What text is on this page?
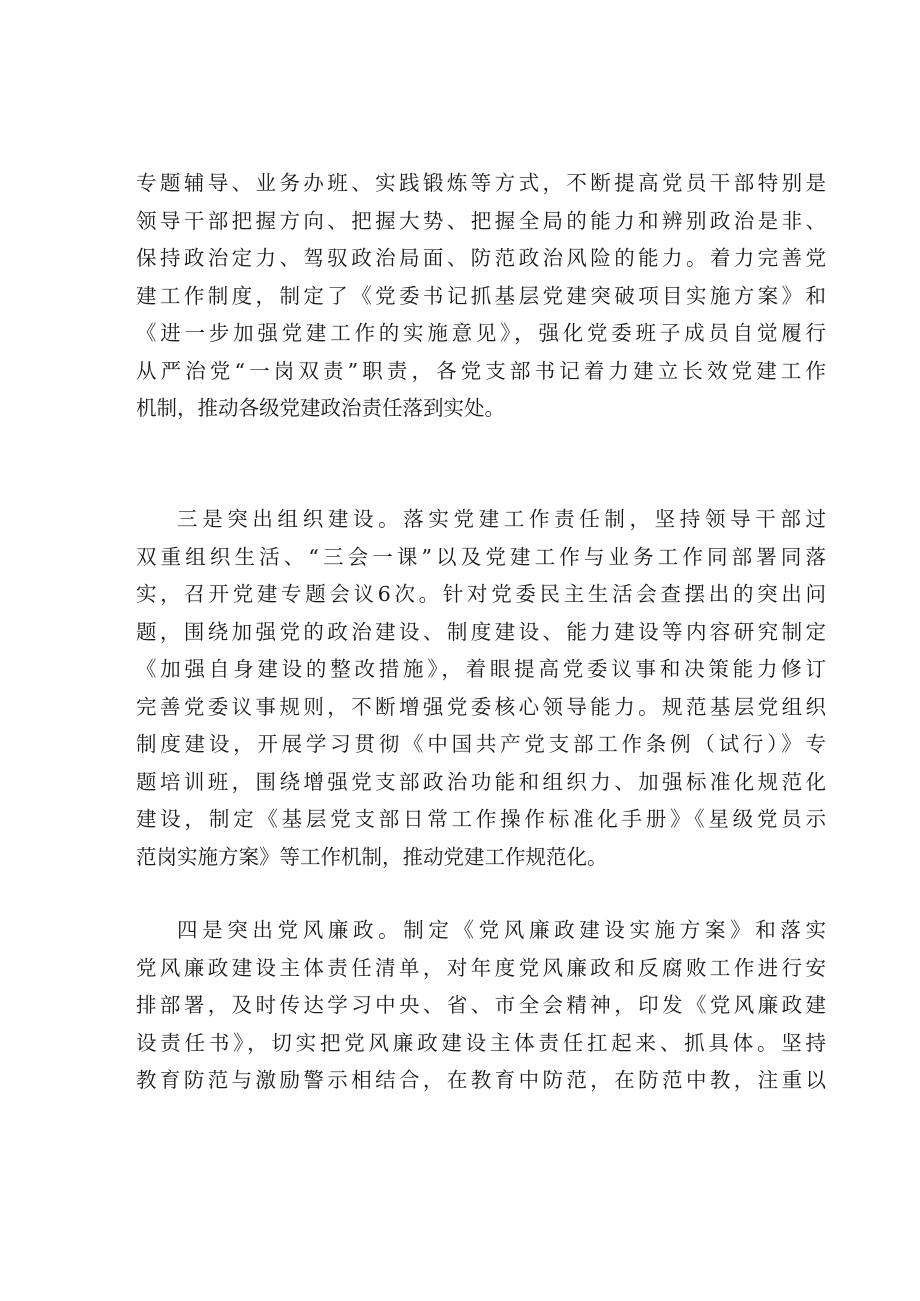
专题辅导、业务办班、实践锻炼等方式，不断提高党员干部特别是
领导干部把握方向、把握大势、把握全局的能力和辨别政治是非、
保持政治定力、驾驭政治局面、防范政治风险的能力。着力完善党
建工作制度，制定了《党委书记抓基层党建突破项目实施方案》和
《进一步加强党建工作的实施意见》，强化党委班子成员自觉履行
从严治党“一岗双责”职责，各党支部书记着力建立长效党建工作
机制，推动各级党建政治责任落到实处。
三是突出组织建设。落实党建工作责任制，坚持领导干部过
双重组织生活、“三会一课”以及党建工作与业务工作同部署同落
实，召开党建专题会议6次。针对党委民主生活会查摆出的突出问
题，围绕加强党的政治建设、制度建设、能力建设等内容研究制定
《加强自身建设的整改措施》，着眼提高党委议事和决策能力修订
完善党委议事规则，不断增强党委核心领导能力。规范基层党组织
制度建设，开展学习贯彻《中国共产党支部工作条例（试行）》专
题培训班，围绕增强党支部政治功能和组织力、加强标准化规范化
建设，制定《基层党支部日常工作操作标准化手册》《星级党员示
范岗实施方案》等工作机制，推动党建工作规范化。
四是突出党风廉政。制定《党风廉政建设实施方案》和落实
党风廉政建设主体责任清单，对年度党风廉政和反腐败工作进行安
排部署，及时传达学习中央、省、市全会精神，印发《党风廉政建
设责任书》，切实把党风廉政建设主体责任扛起来、抓具体。坚持
教育防范与激励警示相结合，在教育中防范，在防范中教，注重以
